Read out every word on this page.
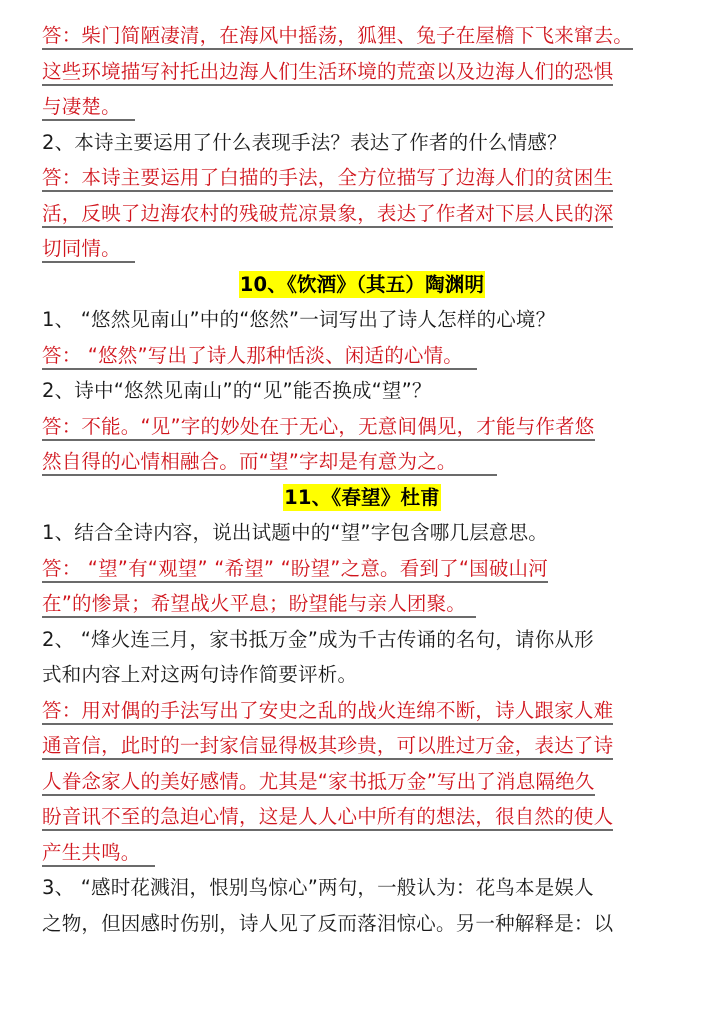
答：柴门简陋凄清，在海风中摇荡，狐狸、兔子在屋檐下飞来窜去。
这些环境描写衬托出边海人们生活环境的荒蛮以及边海人们的恐惧
与凄楚。
2、本诗主要运用了什么表现手法？表达了作者的什么情感？
答：本诗主要运用了白描的手法，全方位描写了边海人们的贫困生
活，反映了边海农村的残破荒凉景象，表达了作者对下层人民的深
切同情。
10、《饮酒》（其五）陶渊明
1、 “悠然见南山”中的“悠然”一词写出了诗人怎样的心境？
答： “悠然”写出了诗人那种恬淡、闲适的心情。
2、诗中“悠然见南山”的“见”能否换成“望”？
答：不能。“见”字的妙处在于无心，无意间偶见，才能与作者悠
然自得的心情相融合。而“望”字却是有意为之。
11、《春望》杜甫
1、结合全诗内容，说出试题中的“望”字包含哪几层意思。
答： “望”有“观望” “希望” “盼望”之意。看到了“国破山河
在”的惨景；希望战火平息；盼望能与亲人团聚。
2、 “烽火连三月，家书抵万金”成为千古传诵的名句，请你从形
式和内容上对这两句诗作简要评析。
答：用对偶的手法写出了安史之乱的战火连绵不断，诗人跟家人难
通音信，此时的一封家信显得极其珍贵，可以胜过万金，表达了诗
人眷念家人的美好感情。尤其是“家书抵万金”写出了消息隔绝久
盼音讯不至的急迫心情，这是人人心中所有的想法，很自然的使人
产生共鸣。
3、 “感时花溅泪，恨别鸟惊心”两句，一般认为：花鸟本是娱人
之物，但因感时伤别，诗人见了反而落泪惊心。另一种解释是：以
